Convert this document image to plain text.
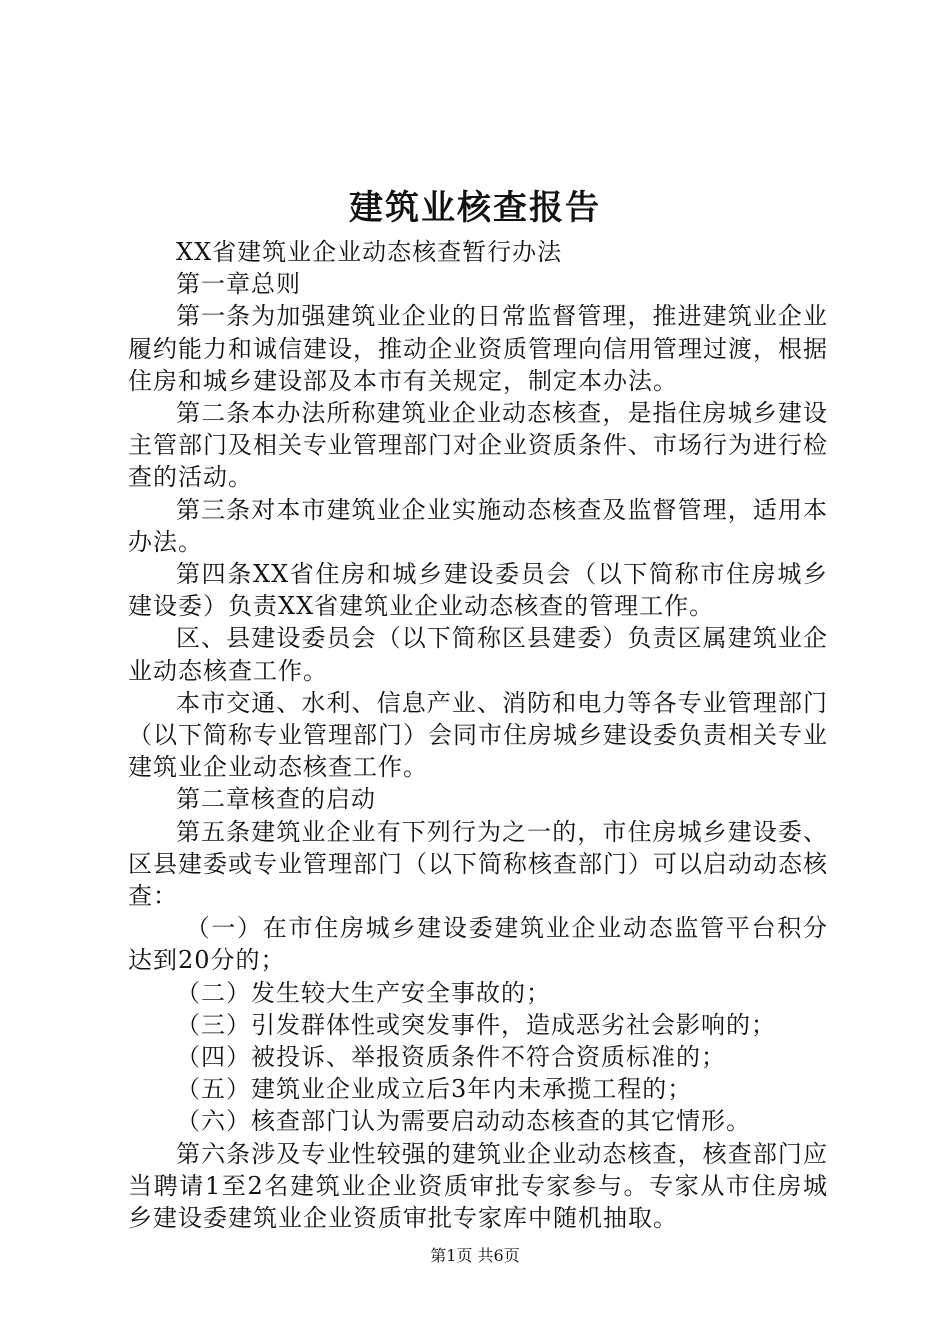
建筑业核查报告

XX省建筑业企业动态核查暂行办法

第一章总则

第一条为加强建筑业企业的日常监督管理，推进建筑业企业履约能力和诚信建设，推动企业资质管理向信用管理过渡，根据住房和城乡建设部及本市有关规定，制定本办法。

第二条本办法所称建筑业企业动态核查，是指住房城乡建设主管部门及相关专业管理部门对企业资质条件、市场行为进行检查的活动。

第三条对本市建筑业企业实施动态核查及监督管理，适用本办法。

第四条XX省住房和城乡建设委员会（以下简称市住房城乡建设委）负责XX省建筑业企业动态核查的管理工作。

区、县建设委员会（以下简称区县建委）负责区属建筑业企业动态核查工作。

本市交通、水利、信息产业、消防和电力等各专业管理部门（以下简称专业管理部门）会同市住房城乡建设委负责相关专业建筑业企业动态核查工作。

第二章核查的启动

第五条建筑业企业有下列行为之一的，市住房城乡建设委、区县建委或专业管理部门（以下简称核查部门）可以启动动态核查：

（一）在市住房城乡建设委建筑业企业动态监管平台积分达到20分的；

（二）发生较大生产安全事故的；

（三）引发群体性或突发事件，造成恶劣社会影响的；

（四）被投诉、举报资质条件不符合资质标准的；

（五）建筑业企业成立后3年内未承揽工程的；

（六）核查部门认为需要启动动态核查的其它情形。

第六条涉及专业性较强的建筑业企业动态核查，核查部门应当聘请1至2名建筑业企业资质审批专家参与。专家从市住房城乡建设委建筑业企业资质审批专家库中随机抽取。

第1页 共6页
